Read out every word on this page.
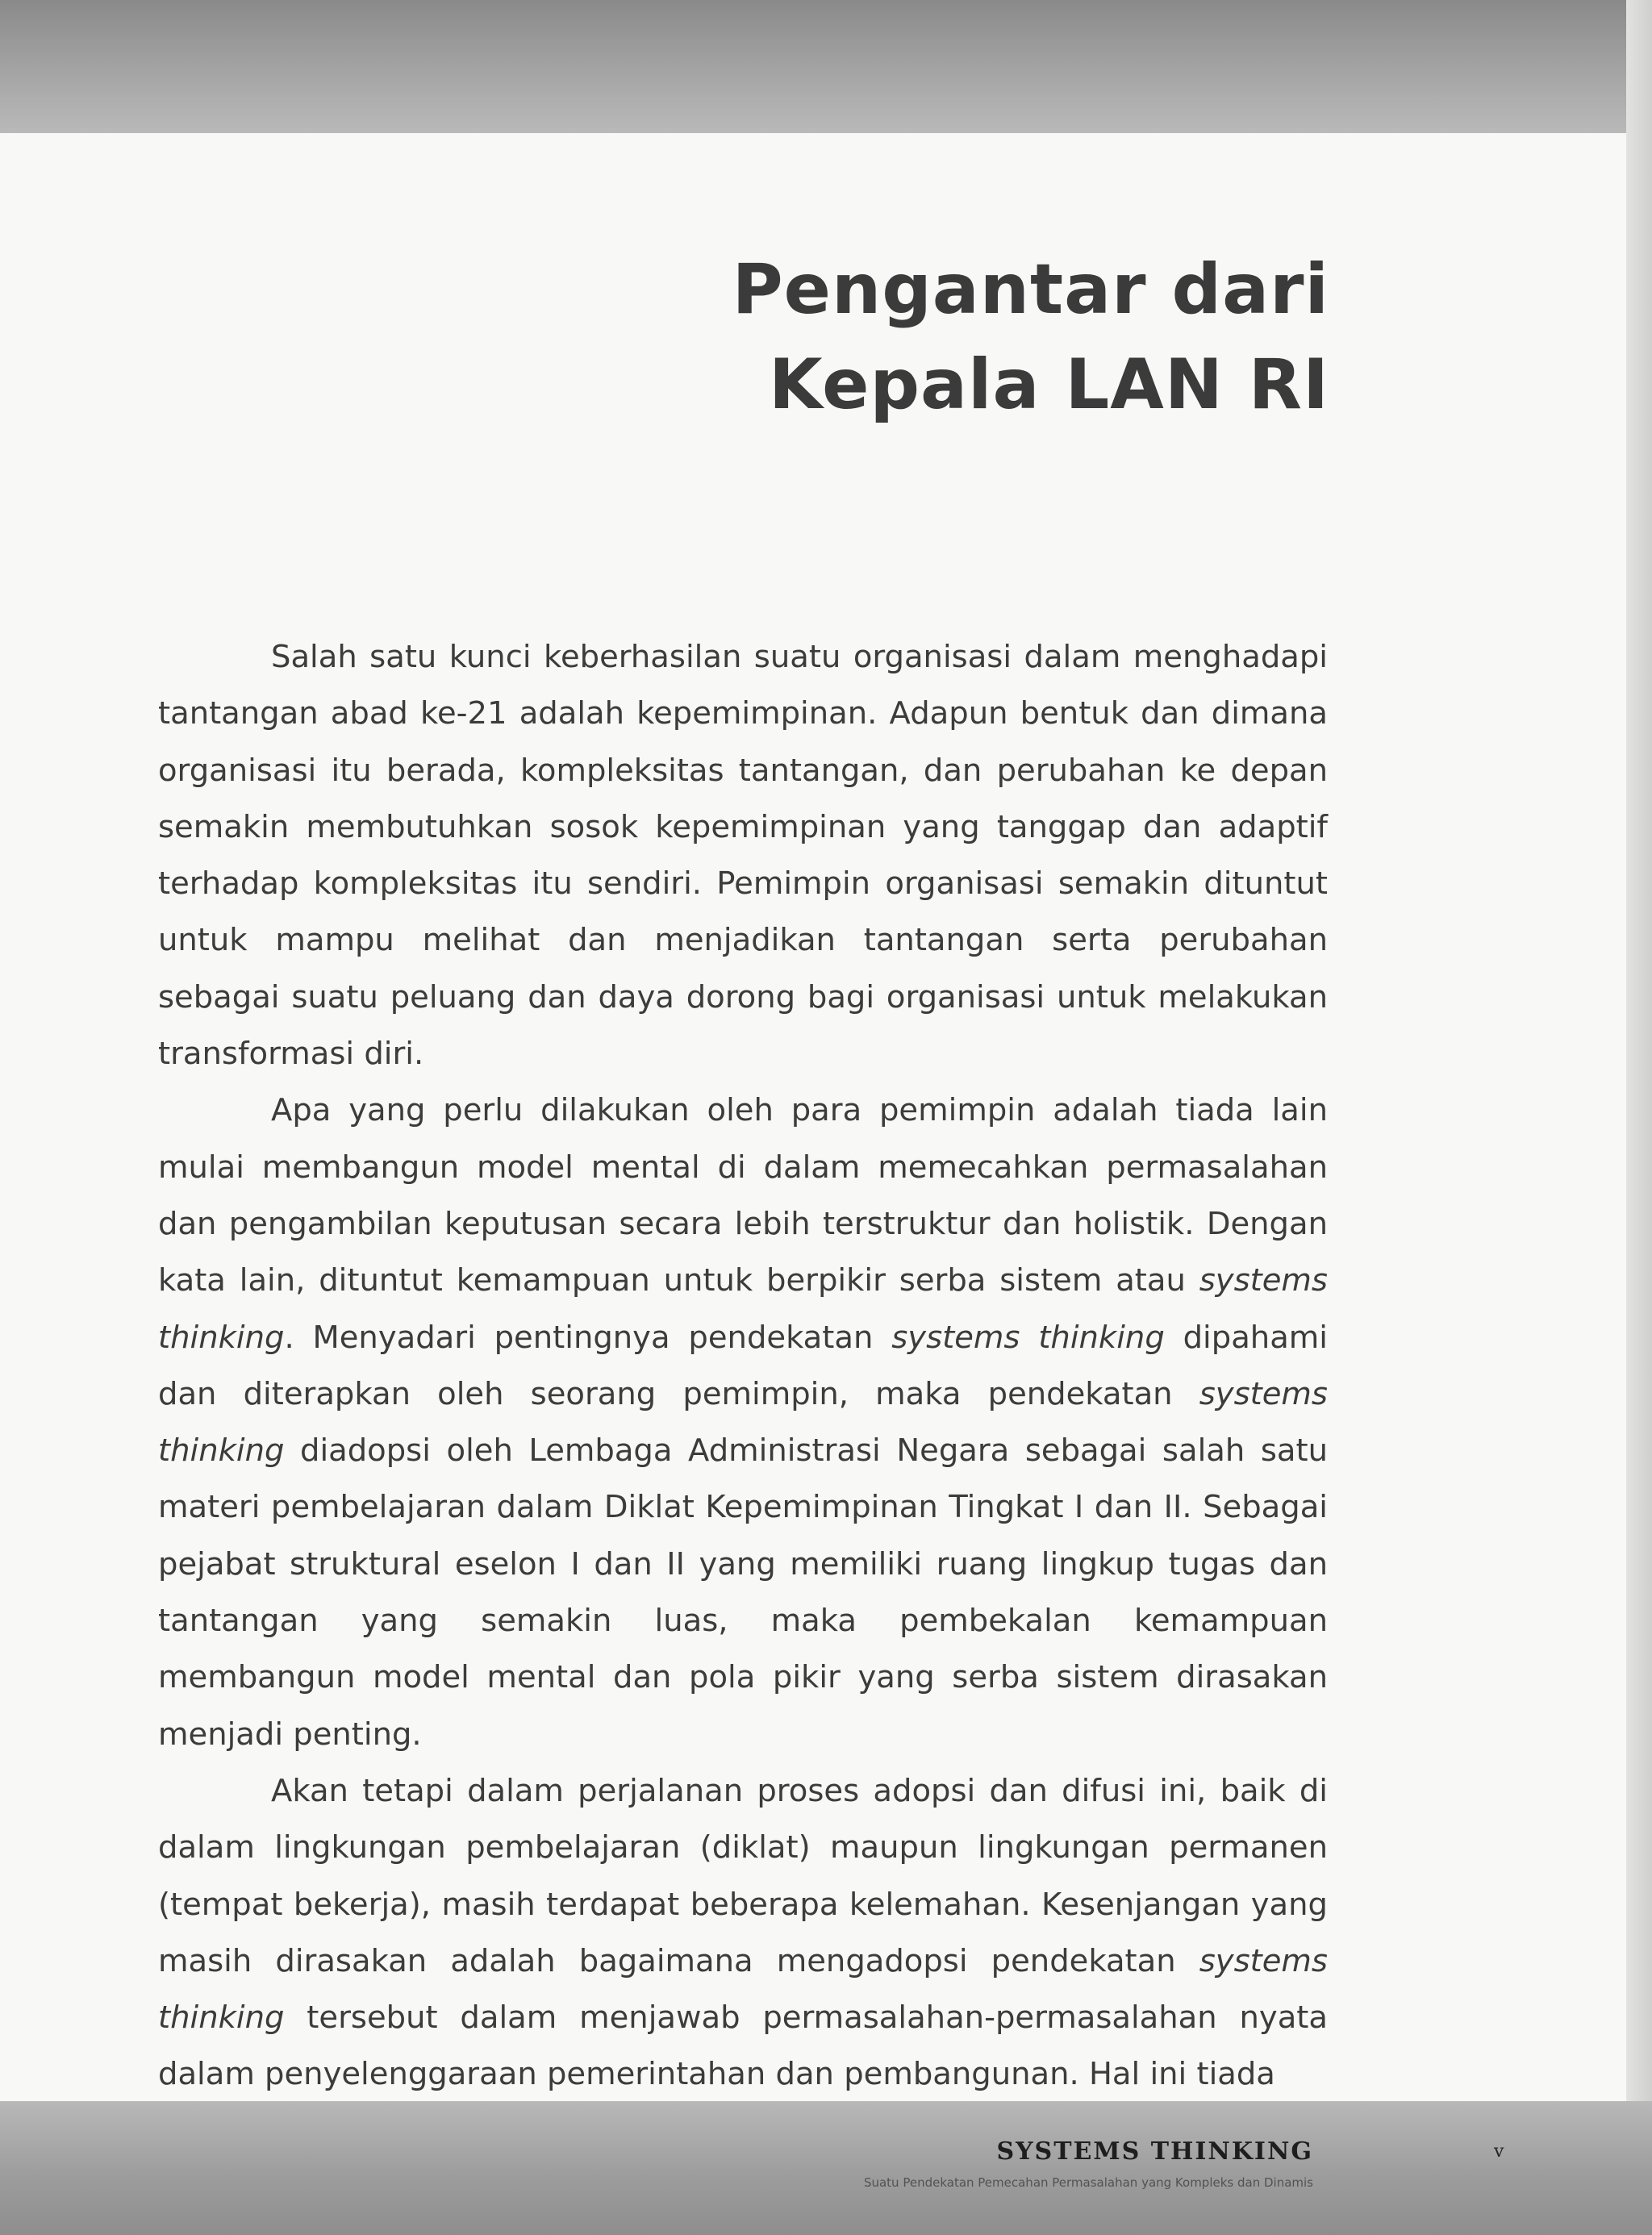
Pengantar dari
Kepala LAN RI

Salah satu kunci keberhasilan suatu organisasi dalam menghadapi tantangan abad ke-21 adalah kepemimpinan. Adapun bentuk dan dimana organisasi itu berada, kompleksitas tantangan, dan perubahan ke depan semakin membutuhkan sosok kepemimpinan yang tanggap dan adaptif terhadap kompleksitas itu sendiri. Pemimpin organisasi semakin dituntut untuk mampu melihat dan menjadikan tantangan serta perubahan sebagai suatu peluang dan daya dorong bagi organisasi untuk melakukan transformasi diri.

Apa yang perlu dilakukan oleh para pemimpin adalah tiada lain mulai membangun model mental di dalam memecahkan permasalahan dan pengambilan keputusan secara lebih terstruktur dan holistik. Dengan kata lain, dituntut kemampuan untuk berpikir serba sistem atau systems thinking. Menyadari pentingnya pendekatan systems thinking dipahami dan diterapkan oleh seorang pemimpin, maka pendekatan systems thinking diadopsi oleh Lembaga Administrasi Negara sebagai salah satu materi pembelajaran dalam Diklat Kepemimpinan Tingkat I dan II. Sebagai pejabat struktural eselon I dan II yang memiliki ruang lingkup tugas dan tantangan yang semakin luas, maka pembekalan kemampuan membangun model mental dan pola pikir yang serba sistem dirasakan menjadi penting.

Akan tetapi dalam perjalanan proses adopsi dan difusi ini, baik di dalam lingkungan pembelajaran (diklat) maupun lingkungan permanen (tempat bekerja), masih terdapat beberapa kelemahan. Kesenjangan yang masih dirasakan adalah bagaimana mengadopsi pendekatan systems thinking tersebut dalam menjawab permasalahan-permasalahan nyata dalam penyelenggaraan pemerintahan dan pembangunan. Hal ini tiada

SYSTEMS THINKING
Suatu Pendekatan Pemecahan Permasalahan yang Kompleks dan Dinamis
v
